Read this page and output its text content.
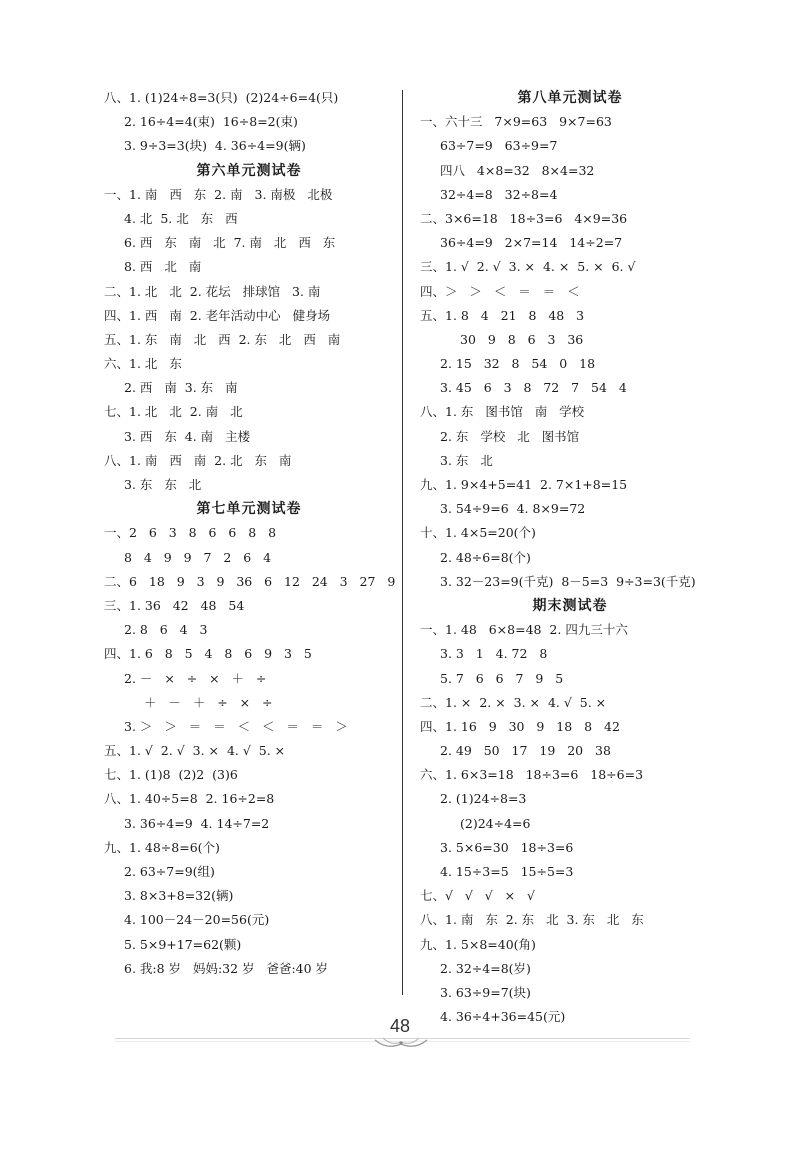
八、1. (1)24÷8=3(只)  (2)24÷6=4(只)
2. 16÷4=4(束)  16÷8=2(束)
3. 9÷3=3(块)  4. 36÷4=9(辆)
第六单元测试卷
一、1. 南   西   东  2. 南   3. 南极   北极
4. 北  5. 北   东   西
6. 西   东   南   北  7. 南   北   西   东
8. 西   北   南
二、1. 北   北  2. 花坛   排球馆   3. 南
四、1. 西   南  2. 老年活动中心   健身场
五、1. 东   南   北   西  2. 东   北   西   南
六、1. 北   东
2. 西   南  3. 东   南
七、1. 北   北  2. 南   北
3. 西   东  4. 南   主楼
八、1. 南   西   南  2. 北   东   南
3. 东   东   北
第七单元测试卷
一、2   6   3   8   6   6   8   8
8   4   9   9   7   2   6   4
二、6   18   9   3   9   36   6   12   24   3   27   9
三、1. 36   42   48   54
2. 8   6   4   3
四、1. 6   8   5   4   8   6   9   3   5
2. －   ×   ÷   ×   ＋   ÷
＋   －   ＋   ÷   ×   ÷
3. ＞   ＞   ＝   ＝   ＜   ＜   ＝   ＝   ＞
五、1. √  2. √  3. ×  4. √  5. ×
七、1. (1)8  (2)2  (3)6
八、1. 40÷5=8  2. 16÷2=8
3. 36÷4=9  4. 14÷7=2
九、1. 48÷8=6(个)
2. 63÷7=9(组)
3. 8×3+8=32(辆)
4. 100－24－20=56(元)
5. 5×9+17=62(颗)
6. 我:8 岁   妈妈:32 岁   爸爸:40 岁
第八单元测试卷
一、六十三   7×9=63   9×7=63
63÷7=9   63÷9=7
四八   4×8=32   8×4=32
32÷4=8   32÷8=4
二、3×6=18   18÷3=6   4×9=36
36÷4=9   2×7=14   14÷2=7
三、1. √  2. √  3. ×  4. ×  5. ×  6. √
四、＞   ＞   ＜   ＝   ＝   ＜
五、1. 8   4   21   8   48   3
30   9   8   6   3   36
2. 15   32   8   54   0   18
3. 45   6   3   8   72   7   54   4
八、1. 东   图书馆   南   学校
2. 东   学校   北   图书馆
3. 东   北
九、1. 9×4+5=41  2. 7×1+8=15
3. 54÷9=6  4. 8×9=72
十、1. 4×5=20(个)
2. 48÷6=8(个)
3. 32－23=9(千克)  8－5=3  9÷3=3(千克)
期末测试卷
一、1. 48   6×8=48  2. 四九三十六
3. 3   1   4. 72   8
5. 7   6   6   7   9   5
二、1. ×  2. ×  3. ×  4. √  5. ×
四、1. 16   9   30   9   18   8   42
2. 49   50   17   19   20   38
六、1. 6×3=18   18÷3=6   18÷6=3
2. (1)24÷8=3
(2)24÷4=6
3. 5×6=30   18÷3=6
4. 15÷3=5   15÷5=3
七、√   √   √   ×   √
八、1. 南   东  2. 东   北  3. 东   北   东
九、1. 5×8=40(角)
2. 32÷4=8(岁)
3. 63÷9=7(块)
4. 36÷4+36=45(元)
48
